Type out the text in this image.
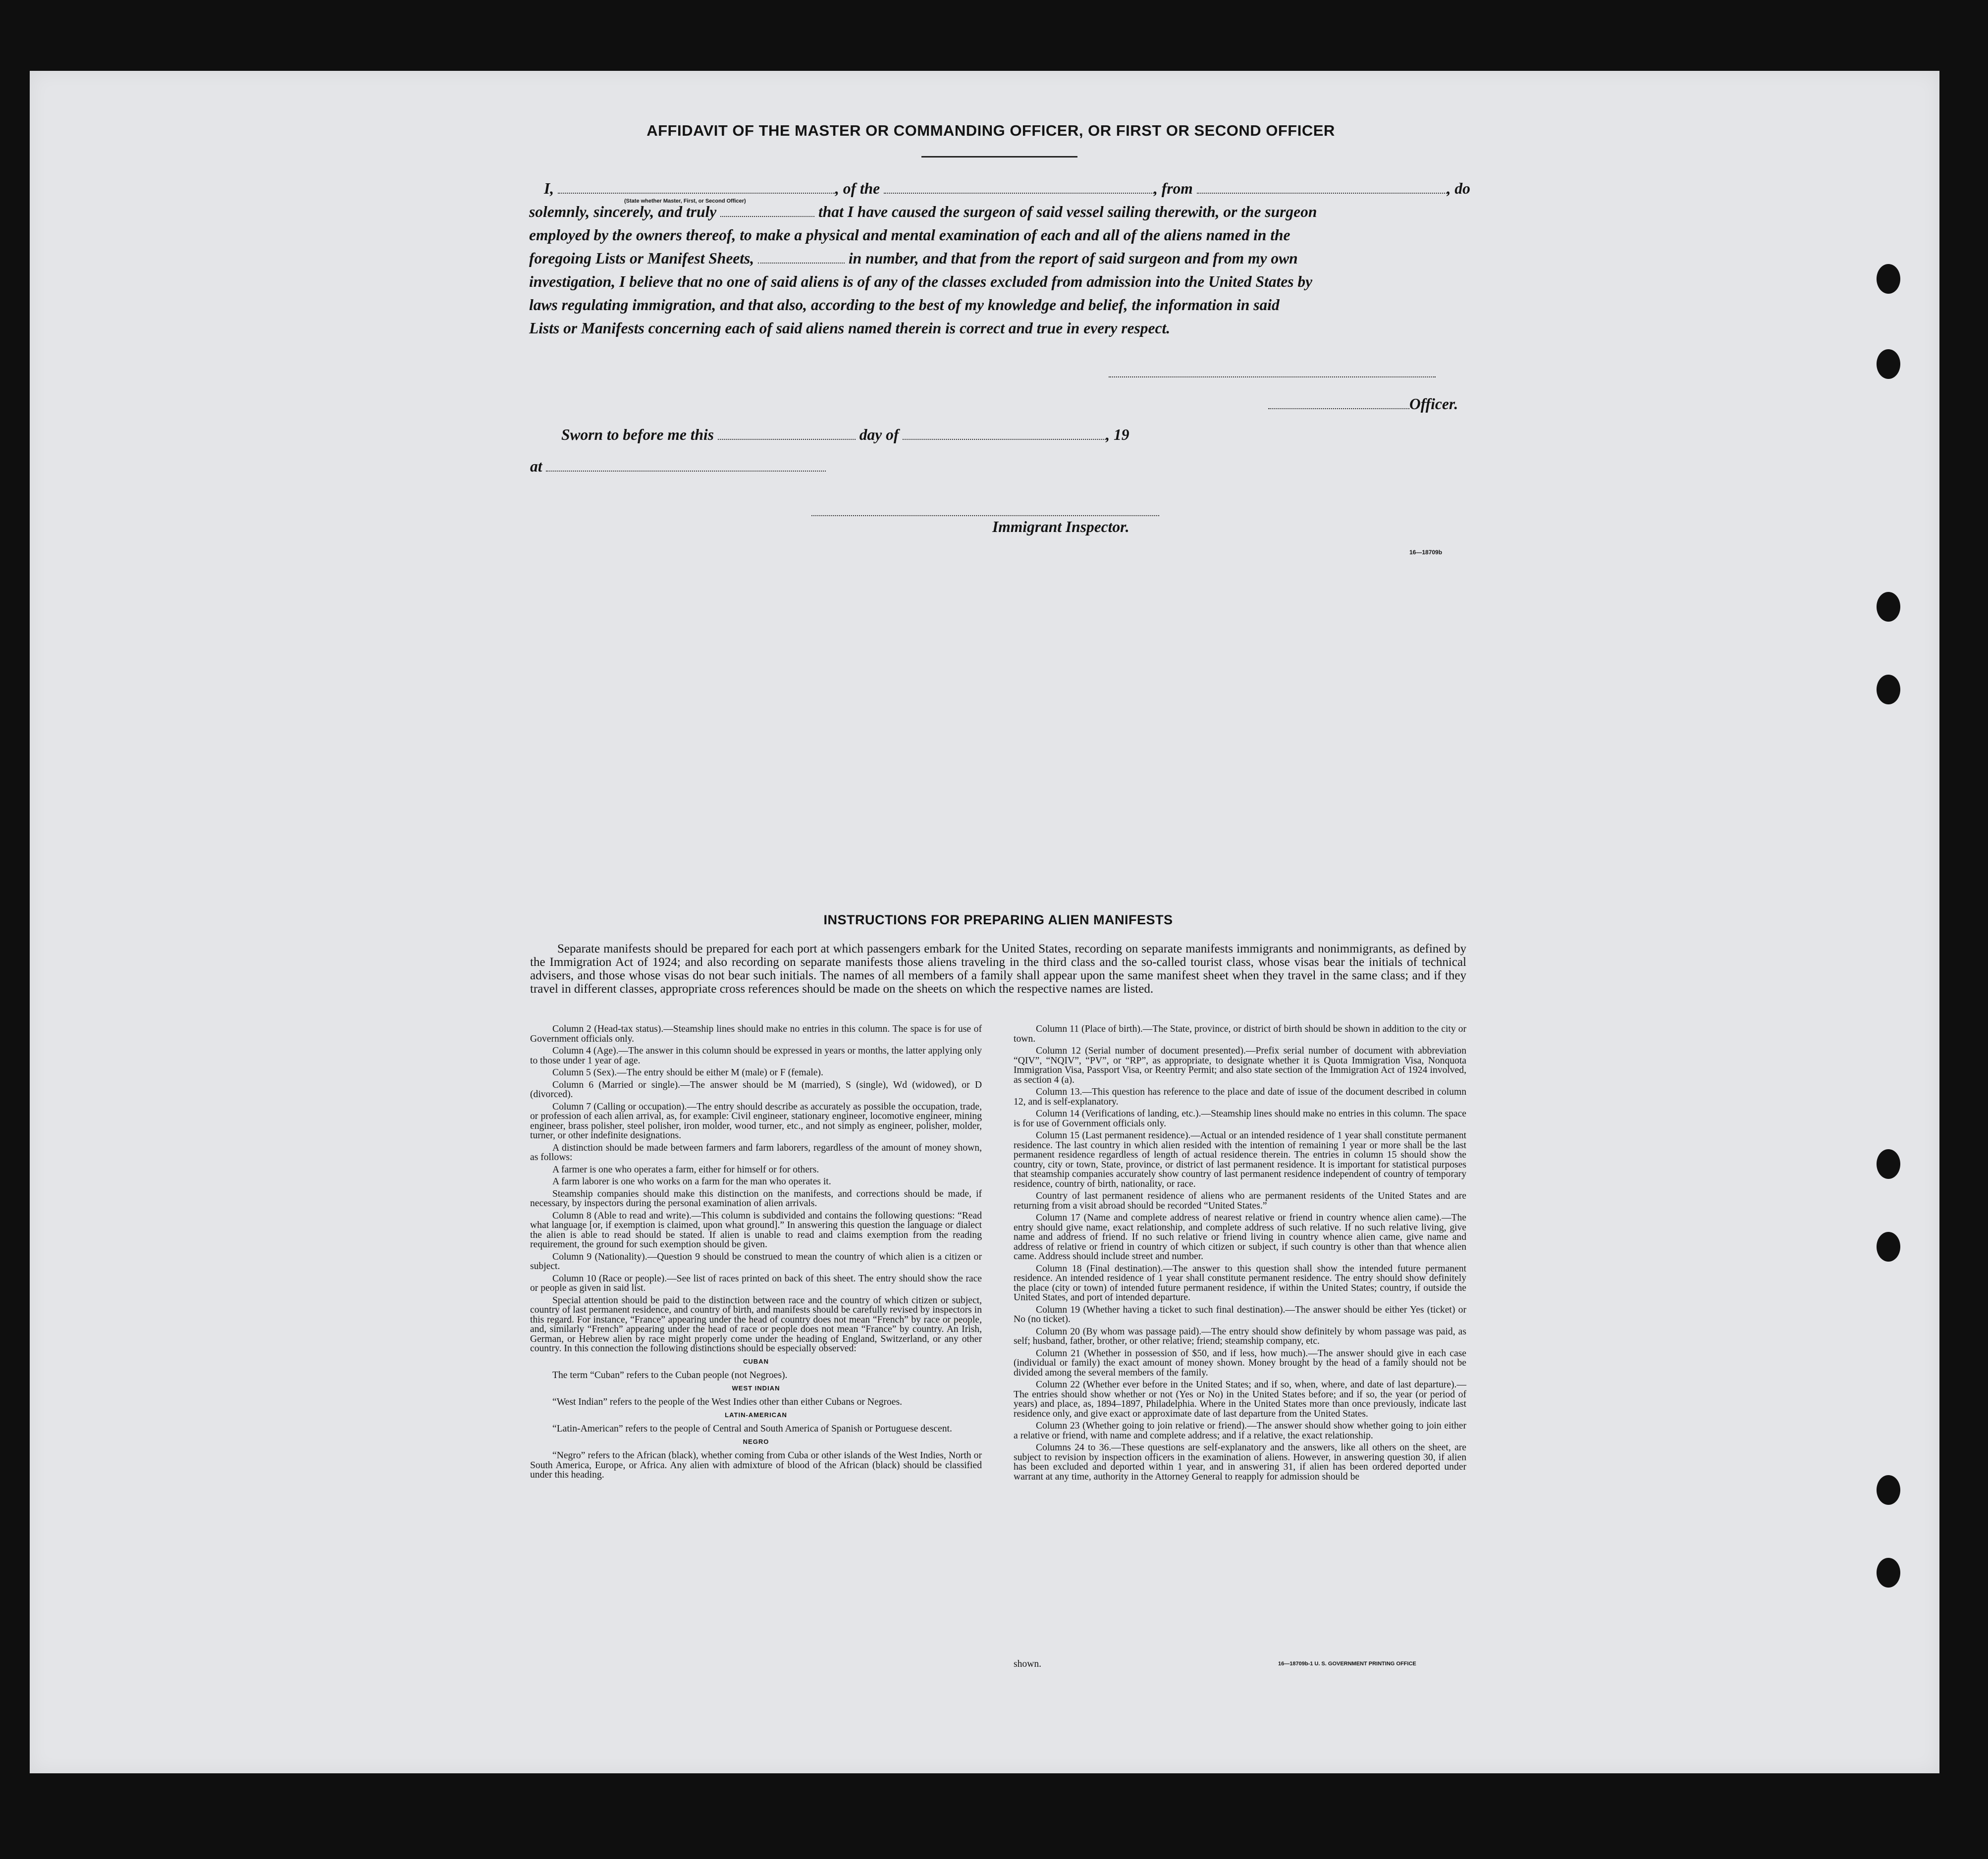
AFFIDAVIT OF THE MASTER OR COMMANDING OFFICER, OR FIRST OR SECOND OFFICER
I,	, of the	, from	, do
(State whether Master, First, or Second Officer)
solemnly, sincerely, and truly	that I have caused the surgeon of said vessel sailing therewith, or the surgeon
employed by the owners thereof, to make a physical and mental examination of each and all of the aliens named in the
foregoing Lists or Manifest Sheets,	in number, and that from the report of said surgeon and from my own
investigation, I believe that no one of said aliens is of any of the classes excluded from admission into the United States by
laws regulating immigration, and that also, according to the best of my knowledge and belief, the information in said
Lists or Manifests concerning each of said aliens named therein is correct and true in every respect.
Officer.
Sworn to before me this	day of	, 19
at
Immigrant Inspector.
16—18709b
INSTRUCTIONS FOR PREPARING ALIEN MANIFESTS
Separate manifests should be prepared for each port at which passengers embark for the United States, recording on separate manifests immigrants and nonimmigrants, as defined by the Immigration Act of 1924; and also recording on separate manifests those aliens traveling in the third class and the so-called tourist class, whose visas bear the initials of technical advisers, and those whose visas do not bear such initials. The names of all members of a family shall appear upon the same manifest sheet when they travel in the same class; and if they travel in different classes, appropriate cross references should be made on the sheets on which the respective names are listed.

Column 2 (Head-tax status).—Steamship lines should make no entries in this column. The space is for use of Government officials only.

Column 4 (Age).—The answer in this column should be expressed in years or months, the latter applying only to those under 1 year of age.

Column 5 (Sex).—The entry should be either M (male) or F (female).

Column 6 (Married or single).—The answer should be M (married), S (single), Wd (widowed), or D (divorced).

Column 7 (Calling or occupation).—The entry should describe as accurately as possible the occupation, trade, or profession of each alien arrival, as, for example: Civil engineer, stationary engineer, locomotive engineer, mining engineer, brass polisher, steel polisher, iron molder, wood turner, etc., and not simply as engineer, polisher, molder, turner, or other indefinite designations.

A distinction should be made between farmers and farm laborers, regardless of the amount of money shown, as follows:

A farmer is one who operates a farm, either for himself or for others.

A farm laborer is one who works on a farm for the man who operates it.

Steamship companies should make this distinction on the manifests, and corrections should be made, if necessary, by inspectors during the personal examination of alien arrivals.

Column 8 (Able to read and write).—This column is subdivided and contains the following questions: “Read what language [or, if exemption is claimed, upon what ground].” In answering this question the language or dialect the alien is able to read should be stated. If alien is unable to read and claims exemption from the reading requirement, the ground for such exemption should be given.

Column 9 (Nationality).—Question 9 should be construed to mean the country of which alien is a citizen or subject.

Column 10 (Race or people).—See list of races printed on back of this sheet. The entry should show the race or people as given in said list.

Special attention should be paid to the distinction between race and the country of which citizen or subject, country of last permanent residence, and country of birth, and manifests should be carefully revised by inspectors in this regard. For instance, “France” appearing under the head of country does not mean “French” by race or people, and, similarly “French” appearing under the head of race or people does not mean “France” by country. An Irish, German, or Hebrew alien by race might properly come under the heading of England, Switzerland, or any other country. In this connection the following distinctions should be especially observed:

CUBAN

The term “Cuban” refers to the Cuban people (not Negroes).

WEST INDIAN

“West Indian” refers to the people of the West Indies other than either Cubans or Negroes.

LATIN-AMERICAN

“Latin-American” refers to the people of Central and South America of Spanish or Portuguese descent.

NEGRO

“Negro” refers to the African (black), whether coming from Cuba or other islands of the West Indies, North or South America, Europe, or Africa. Any alien with admixture of blood of the African (black) should be classified under this heading.

Column 11 (Place of birth).—The State, province, or district of birth should be shown in addition to the city or town.

Column 12 (Serial number of document presented).—Prefix serial number of document with abbreviation “QIV”, “NQIV”, “PV”, or “RP”, as appropriate, to designate whether it is Quota Immigration Visa, Nonquota Immigration Visa, Passport Visa, or Reentry Permit; and also state section of the Immigration Act of 1924 involved, as section 4 (a).

Column 13.—This question has reference to the place and date of issue of the document described in column 12, and is self-explanatory.

Column 14 (Verifications of landing, etc.).—Steamship lines should make no entries in this column. The space is for use of Government officials only.

Column 15 (Last permanent residence).—Actual or an intended residence of 1 year shall constitute permanent residence. The last country in which alien resided with the intention of remaining 1 year or more shall be the last permanent residence regardless of length of actual residence therein. The entries in column 15 should show the country, city or town, State, province, or district of last permanent residence. It is important for statistical purposes that steamship companies accurately show country of last permanent residence independent of country of temporary residence, country of birth, nationality, or race.

Country of last permanent residence of aliens who are permanent residents of the United States and are returning from a visit abroad should be recorded “United States.”

Column 17 (Name and complete address of nearest relative or friend in country whence alien came).—The entry should give name, exact relationship, and complete address of such relative. If no such relative living, give name and address of friend. If no such relative or friend living in country whence alien came, give name and address of relative or friend in country of which citizen or subject, if such country is other than that whence alien came. Address should include street and number.

Column 18 (Final destination).—The answer to this question shall show the intended future permanent residence. An intended residence of 1 year shall constitute permanent residence. The entry should show definitely the place (city or town) of intended future permanent residence, if within the United States; country, if outside the United States, and port of intended departure.

Column 19 (Whether having a ticket to such final destination).—The answer should be either Yes (ticket) or No (no ticket).

Column 20 (By whom was passage paid).—The entry should show definitely by whom passage was paid, as self; husband, father, brother, or other relative; friend; steamship company, etc.

Column 21 (Whether in possession of $50, and if less, how much).—The answer should give in each case (individual or family) the exact amount of money shown. Money brought by the head of a family should not be divided among the several members of the family.

Column 22 (Whether ever before in the United States; and if so, when, where, and date of last departure).—The entries should show whether or not (Yes or No) in the United States before; and if so, the year (or period of years) and place, as, 1894–1897, Philadelphia. Where in the United States more than once previously, indicate last residence only, and give exact or approximate date of last departure from the United States.

Column 23 (Whether going to join relative or friend).—The answer should show whether going to join either a relative or friend, with name and complete address; and if a relative, the exact relationship.

Columns 24 to 36.—These questions are self-explanatory and the answers, like all others on the sheet, are subject to revision by inspection officers in the examination of aliens. However, in answering question 30, if alien has been excluded and deported within 1 year, and in answering 31, if alien has been ordered deported under warrant at any time, authority in the Attorney General to reapply for admission should be

shown.	16—18709b-1 U. S. GOVERNMENT PRINTING OFFICE
